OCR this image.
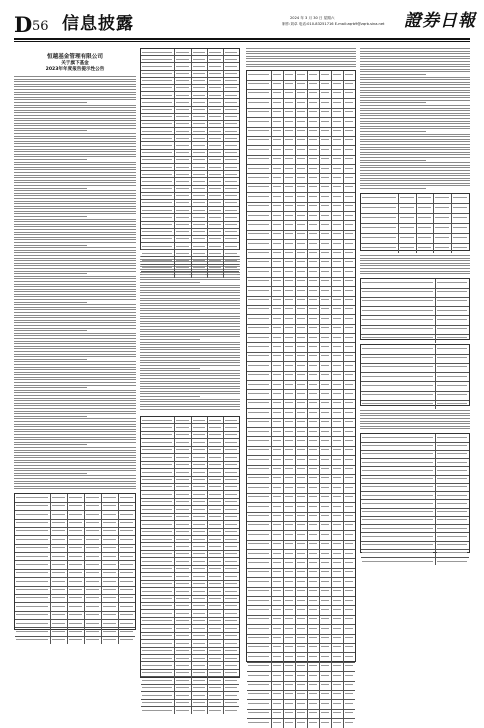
D 56 信息披露	2024 年 3 月 30 日 星期六
制作:刘卓 电话:010-83251716 E-mail:zqrb9@zqrb.sina.net 證券日報
恒越基金管理有限公司
关于旗下基金
2023年年度报告提示性公告
